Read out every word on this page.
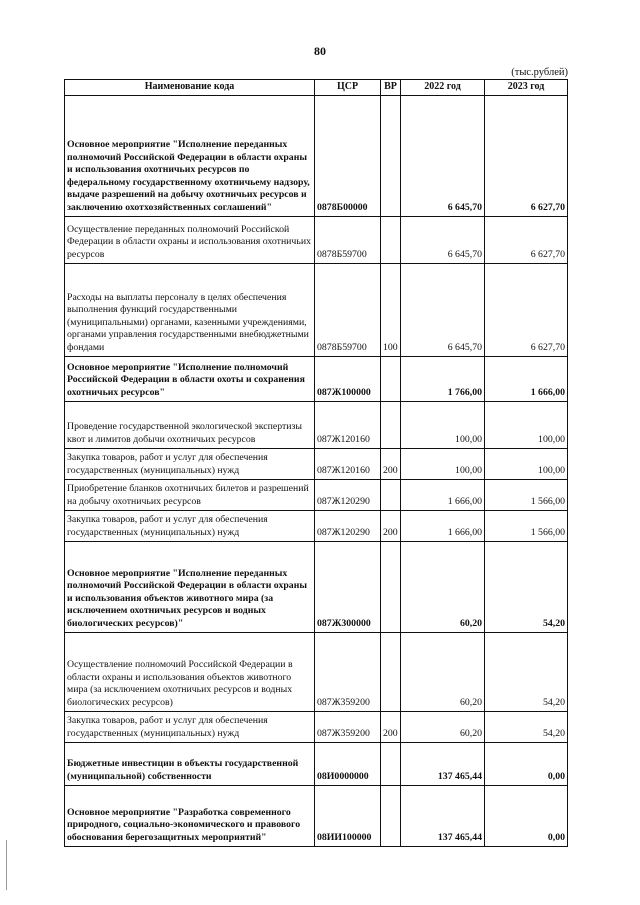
80
(тыс.рублей)
Наименование кода	ЦСР	ВР	2022 год	2023 год
Основное мероприятие "Исполнение переданных полномочий Российской Федерации в области охраны и использования охотничьих ресурсов по федеральному государственному охотничьему надзору, выдаче разрешений на добычу охотничьих ресурсов и заключению охотхозяйственных соглашений"	0878Б00000		6 645,70	6 627,70
Осуществление переданных полномочий Российской Федерации в области охраны и использования охотничьих ресурсов	0878Б59700		6 645,70	6 627,70
Расходы на выплаты персоналу в целях обеспечения выполнения функций государственными (муниципальными) органами, казенными учреждениями, органами управления государственными внебюджетными фондами	0878Б59700	100	6 645,70	6 627,70
Основное мероприятие "Исполнение полномочий Российской Федерации в области охоты и сохранения охотничьих ресурсов"	087Ж100000		1 766,00	1 666,00
Проведение государственной экологической экспертизы квот и лимитов добычи охотничьих ресурсов	087Ж120160		100,00	100,00
Закупка товаров, работ и услуг для обеспечения государственных (муниципальных) нужд	087Ж120160	200	100,00	100,00
Приобретение бланков охотничьих билетов и разрешений на добычу охотничьих ресурсов	087Ж120290		1 666,00	1 566,00
Закупка товаров, работ и услуг для обеспечения государственных (муниципальных) нужд	087Ж120290	200	1 666,00	1 566,00
Основное мероприятие "Исполнение переданных полномочий Российской Федерации в области охраны и использования объектов животного мира (за исключением охотничьих ресурсов и водных биологических ресурсов)"	087Ж300000		60,20	54,20
Осуществление полномочий Российской Федерации в области охраны и использования объектов животного мира (за исключением охотничьих ресурсов и водных биологических ресурсов)	087Ж359200		60,20	54,20
Закупка товаров, работ и услуг для обеспечения государственных (муниципальных) нужд	087Ж359200	200	60,20	54,20
Бюджетные инвестиции в объекты государственной (муниципальной) собственности	08И0000000		137 465,44	0,00
Основное мероприятие "Разработка современного природного, социально-экономического и правового обоснования берегозащитных мероприятий"	08ИИ100000		137 465,44	0,00
